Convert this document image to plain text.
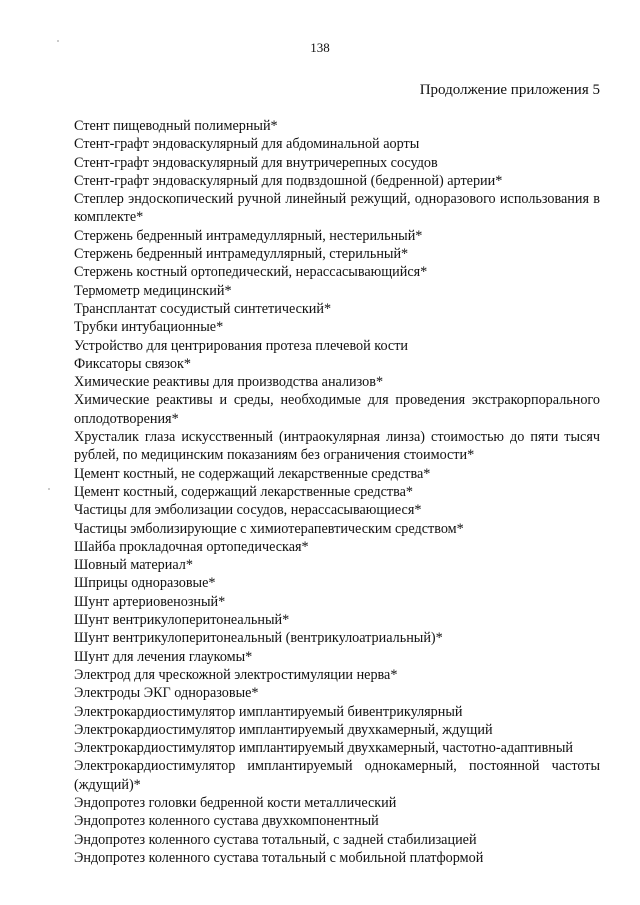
138
Продолжение приложения 5

Стент пищеводный полимерный*

Стент-графт эндоваскулярный для абдоминальной аорты

Стент-графт эндоваскулярный для внутричерепных сосудов

Стент-графт эндоваскулярный для подвздошной (бедренной) артерии*

Степлер эндоскопический ручной линейный режущий, одноразового использования в комплекте*

Стержень бедренный интрамедуллярный, нестерильный*

Стержень бедренный интрамедуллярный, стерильный*

Стержень костный ортопедический, нерассасывающийся*

Термометр медицинский*

Трансплантат сосудистый синтетический*

Трубки интубационные*

Устройство для центрирования протеза плечевой кости

Фиксаторы связок*

Химические реактивы для производства анализов*

Химические реактивы и среды, необходимые для проведения экстракорпорального оплодотворения*

Хрусталик глаза искусственный (интраокулярная линза) стоимостью до пяти тысяч рублей, по медицинским показаниям без ограничения стоимости*

Цемент костный, не содержащий лекарственные средства*

Цемент костный, содержащий лекарственные средства*

Частицы для эмболизации сосудов, нерассасывающиеся*

Частицы эмболизирующие с химиотерапевтическим средством*

Шайба прокладочная ортопедическая*

Шовный материал*

Шприцы одноразовые*

Шунт артериовенозный*

Шунт вентрикулоперитонеальный*

Шунт вентрикулоперитонеальный (вентрикулоатриальный)*

Шунт для лечения глаукомы*

Электрод для чрескожной электростимуляции нерва*

Электроды ЭКГ одноразовые*

Электрокардиостимулятор имплантируемый бивентрикулярный

Электрокардиостимулятор имплантируемый двухкамерный, ждущий

Электрокардиостимулятор имплантируемый двухкамерный, частотно-адаптивный

Электрокардиостимулятор имплантируемый однокамерный, постоянной частоты (ждущий)*

Эндопротез головки бедренной кости металлический

Эндопротез коленного сустава двухкомпонентный

Эндопротез коленного сустава тотальный, с задней стабилизацией

Эндопротез коленного сустава тотальный с мобильной платформой
